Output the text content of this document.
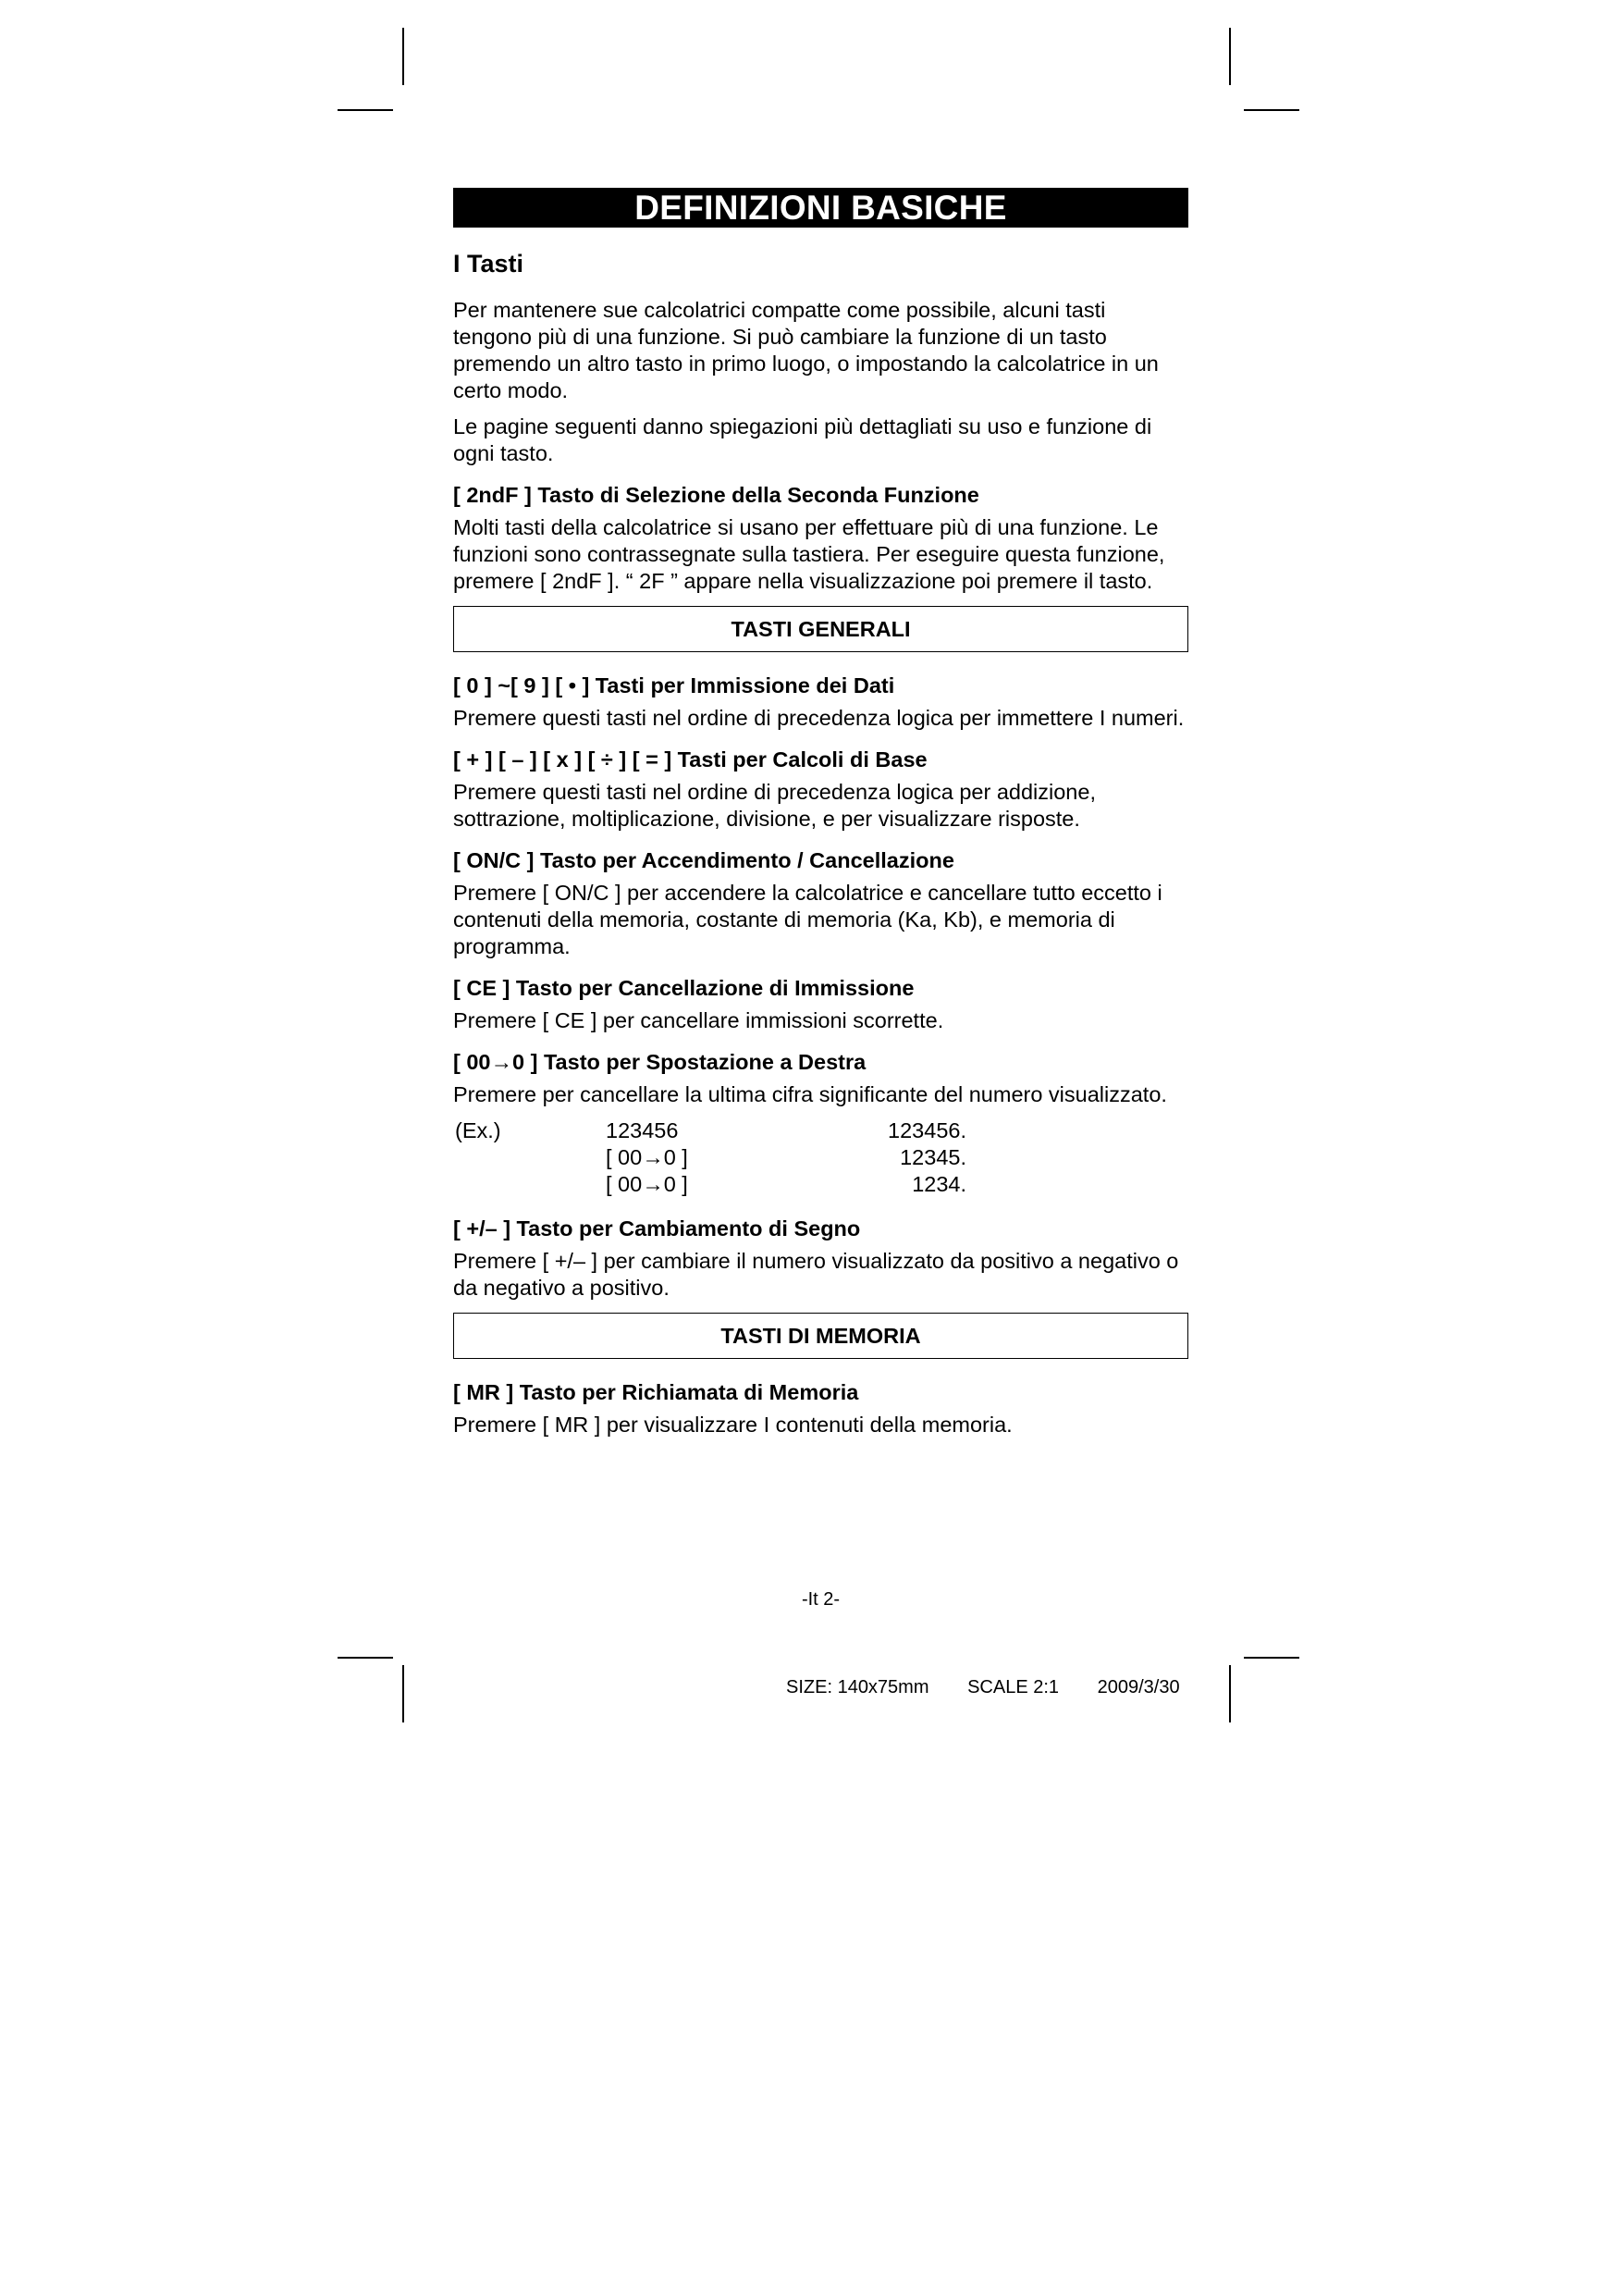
DEFINIZIONI BASICHE
I Tasti

Per mantenere sue calcolatrici compatte come possibile, alcuni tasti tengono più di una funzione. Si può cambiare la funzione di un tasto premendo un altro tasto in primo luogo, o impostando la calcolatrice in un certo modo.

Le pagine seguenti danno spiegazioni più dettagliati su uso e funzione di ogni tasto.

[ 2ndF ] Tasto di Selezione della Seconda Funzione

Molti tasti della calcolatrice si usano per effettuare più di una funzione. Le funzioni sono contrassegnate sulla tastiera. Per eseguire questa funzione, premere [ 2ndF ]. “ 2F ” appare nella visualizzazione poi premere il tasto.

TASTI GENERALI
[ 0 ] ~[ 9 ] [ • ] Tasti per Immissione dei Dati

Premere questi tasti nel ordine di precedenza logica per immettere I numeri.

[ + ] [ – ] [ x ] [ ÷ ] [ = ] Tasti per Calcoli di Base

Premere questi tasti nel ordine di precedenza logica per addizione, sottrazione, moltiplicazione, divisione, e per visualizzare risposte.

[ ON/C ] Tasto per Accendimento / Cancellazione

Premere [ ON/C ] per accendere la calcolatrice e cancellare tutto eccetto i contenuti della memoria, costante di memoria (Ka, Kb), e memoria di programma.

[ CE ] Tasto per Cancellazione di Immissione

Premere [ CE ] per cancellare immissioni scorrette.

[ 00→0 ] Tasto per Spostazione a Destra

Premere per cancellare la ultima cifra significante del numero visualizzato.

(Ex.)	123456
[ 00→0 ]
[ 00→0 ]
123456.
12345.
1234.
[ +/– ] Tasto per Cambiamento di Segno

Premere [ +/– ] per cambiare il numero visualizzato da positivo a negativo o da negativo a positivo.

TASTI DI MEMORIA
[ MR ] Tasto per Richiamata di Memoria

Premere [ MR ] per visualizzare I contenuti della memoria.

-It 2-
SIZE: 140x75mm SCALE 2:1 2009/3/30
